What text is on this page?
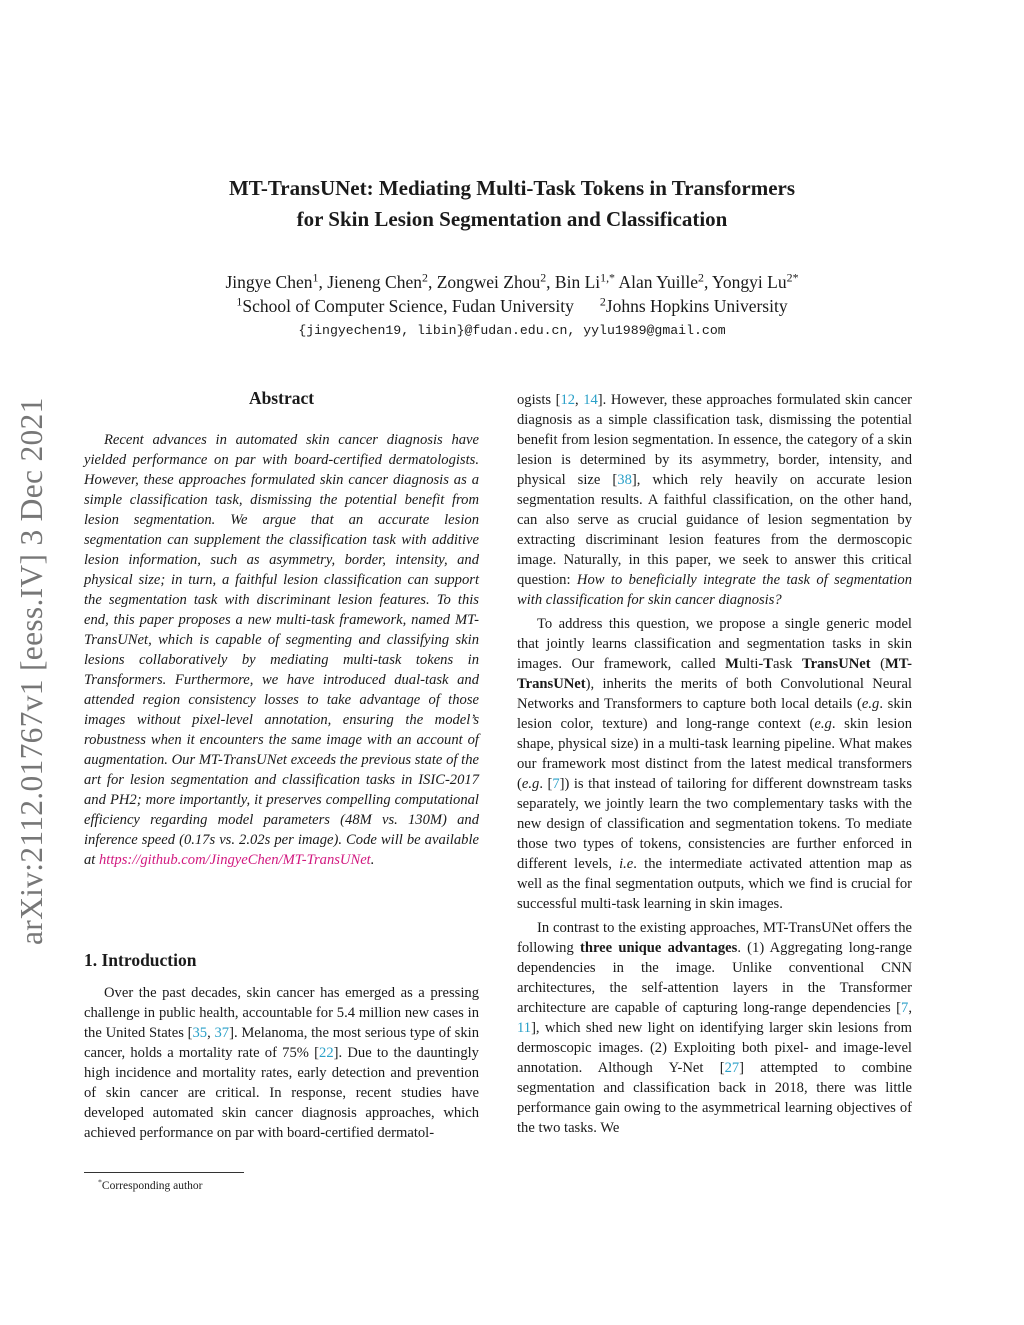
arXiv:2112.01767v1 [eess.IV] 3 Dec 2021
MT-TransUNet: Mediating Multi-Task Tokens in Transformers
for Skin Lesion Segmentation and Classification
Jingye Chen$^1$, Jieneng Chen$^2$, Zongwei Zhou$^2$, Bin $Li^{1,*}$ Alan Yuille$^2$, Yongyi $Lu^{2*}$
$^1$School of Computer Science, Fudan University $^2$Johns Hopkins University
{jingyechen19, libin}@fudan.edu.cn, yylu1989@gmail.com
Abstract

Recent advances in automated skin cancer diagnosis have yielded performance on par with board-certified dermatologists. However, these approaches formulated skin cancer diagnosis as a simple classification task, dismissing the potential benefit from lesion segmentation. We argue that an accurate lesion segmentation can supplement the classification task with additive lesion information, such as asymmetry, border, intensity, and physical size; in turn, a faithful lesion classification can support the segmentation task with discriminant lesion features. To this end, this paper proposes a new multi-task framework, named MT-TransUNet, which is capable of segmenting and classifying skin lesions collaboratively by mediating multi-task tokens in Transformers. Furthermore, we have introduced dual-task and attended region consistency losses to take advantage of those images without pixel-level annotation, ensuring the model’s robustness when it encounters the same image with an account of augmentation. Our MT-TransUNet exceeds the previous state of the art for lesion segmentation and classification tasks in ISIC-2017 and PH2; more importantly, it preserves compelling computational efficiency regarding model parameters (48M vs. 130M) and inference speed (0.17s vs. 2.02s per image). Code will be available at https://github.com/JingyeChen/MT-TransUNet.

1. Introduction

Over the past decades, skin cancer has emerged as a pressing challenge in public health, accountable for 5.4 million new cases in the United States [35, 37]. Melanoma, the most serious type of skin cancer, holds a mortality rate of 75% [22]. Due to the dauntingly high incidence and mortality rates, early detection and prevention of skin cancer are critical. In response, recent studies have developed automated skin cancer diagnosis approaches, which achieved performance on par with board-certified dermatol-

*Corresponding author

ogists [12, 14]. However, these approaches formulated skin cancer diagnosis as a simple classification task, dismissing the potential benefit from lesion segmentation. In essence, the category of a skin lesion is determined by its asymmetry, border, intensity, and physical size [38], which rely heavily on accurate lesion segmentation results. A faithful classification, on the other hand, can also serve as crucial guidance of lesion segmentation by extracting discriminant lesion features from the dermoscopic image. Naturally, in this paper, we seek to answer this critical question: How to beneficially integrate the task of segmentation with classification for skin cancer diagnosis?

To address this question, we propose a single generic model that jointly learns classification and segmentation tasks in skin images. Our framework, called Multi-Task TransUNet (MT-TransUNet), inherits the merits of both Convolutional Neural Networks and Transformers to capture both local details (e.g. skin lesion color, texture) and long-range context (e.g. skin lesion shape, physical size) in a multi-task learning pipeline. What makes our framework most distinct from the latest medical transformers (e.g. [7]) is that instead of tailoring for different downstream tasks separately, we jointly learn the two complementary tasks with the new design of classification and segmentation tokens. To mediate those two types of tokens, consistencies are further enforced in different levels, i.e. the intermediate activated attention map as well as the final segmentation outputs, which we find is crucial for successful multi-task learning in skin images.

In contrast to the existing approaches, MT-TransUNet offers the following three unique advantages. (1) Aggregating long-range dependencies in the image. Unlike conventional CNN architectures, the self-attention layers in the Transformer architecture are capable of capturing long-range dependencies [7, 11], which shed new light on identifying larger skin lesions from dermoscopic images. (2) Exploiting both pixel- and image-level annotation. Although Y-Net [27] attempted to combine segmentation and classification back in 2018, there was little performance gain owing to the asymmetrical learning objectives of the two tasks. We
